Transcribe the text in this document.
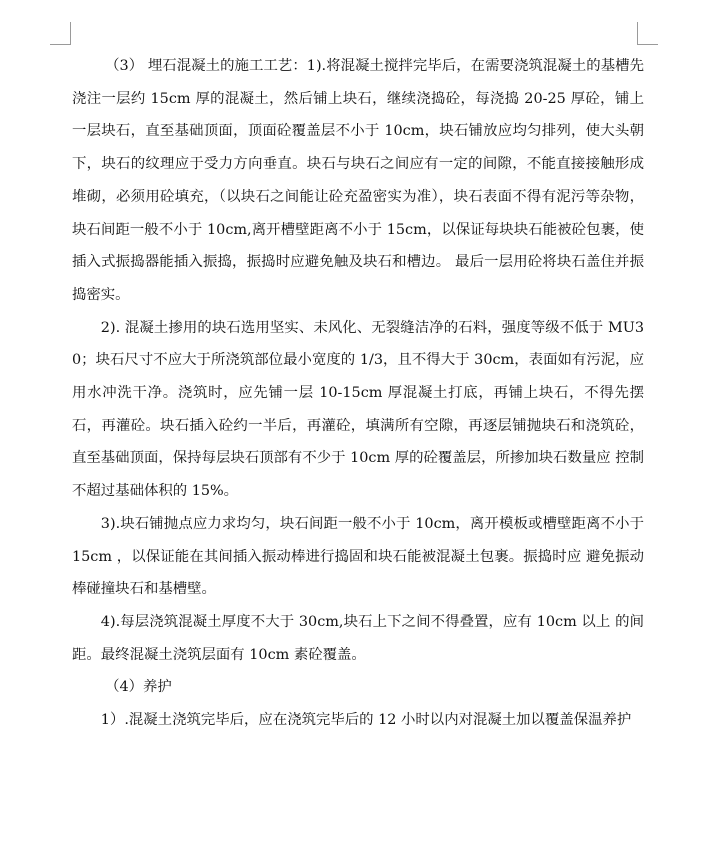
（3） 埋石混凝土的施工工艺：1).将混凝土搅拌完毕后，在需要浇筑混凝土的基槽先浇注一层约 15cm 厚的混凝土，然后铺上块石，继续浇捣砼，每浇捣 20-25 厚砼，铺上一层块石，直至基础顶面，顶面砼覆盖层不小于 10cm，块石铺放应均匀排列，使大头朝下，块石的纹理应于受力方向垂直。块石与块石之间应有一定的间隙，不能直接接触形成堆砌，必须用砼填充，（以块石之间能让砼充盈密实为准），块石表面不得有泥污等杂物，块石间距一般不小于 10cm,离开槽壁距离不小于 15cm，以保证每块块石能被砼包裹，使插入式振捣器能插入振捣，振捣时应避免触及块石和槽边。 最后一层用砼将块石盖住并振捣密实。

2). 混凝土掺用的块石选用坚实、未风化、无裂缝洁净的石料，强度等级不低于 MU30；块石尺寸不应大于所浇筑部位最小宽度的 1/3，且不得大于 30cm，表面如有污泥，应用水冲洗干净。浇筑时，应先铺一层 10-15cm 厚混凝土打底，再铺上块石，不得先摆石，再灌砼。块石插入砼约一半后，再灌砼，填满所有空隙，再逐层铺抛块石和浇筑砼， 直至基础顶面，保持每层块石顶部有不少于 10cm 厚的砼覆盖层，所掺加块石数量应 控制不超过基础体积的 15%。

3).块石铺抛点应力求均匀，块石间距一般不小于 10cm，离开模板或槽壁距离不小于 15cm ，以保证能在其间插入振动棒进行捣固和块石能被混凝土包裹。振捣时应 避免振动棒碰撞块石和基槽壁。

4).每层浇筑混凝土厚度不大于 30cm,块石上下之间不得叠置，应有 10cm 以上 的间距。最终混凝土浇筑层面有 10cm 素砼覆盖。

（4）养护

1）.混凝土浇筑完毕后，应在浇筑完毕后的 12 小时以内对混凝土加以覆盖保温养护
